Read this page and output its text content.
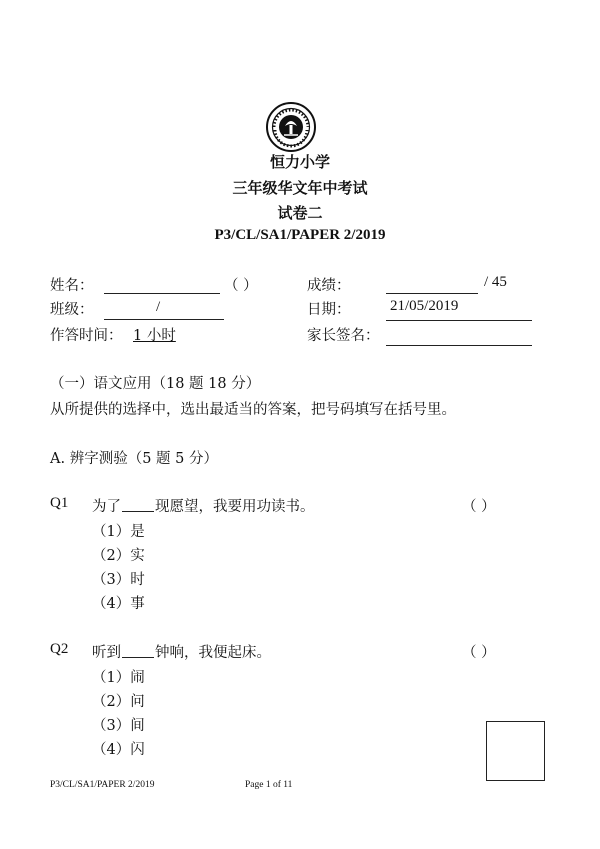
恒力小学
三年级华文年中考试
试卷二
P3/CL/SA1/PAPER 2/2019
姓名：	（ ）
班级：	/
作答时间： 1 小时
成绩：	/ 45
日期：	21/05/2019
家长签名：
（一）语文应用（18 题 18 分）
从所提供的选择中，选出最适当的答案，把号码填写在括号里。
A. 辨字测验（5 题 5 分）
Q1 为了 现愿望，我要用功读书。	（ ）
（1）是
（2）实
（3）时
（4）事
Q2 听到 钟响，我便起床。	（ ）
（1）闹
（2）问
（3）间
（4）闪
P3/CL/SA1/PAPER 2/2019	Page 1 of 11
